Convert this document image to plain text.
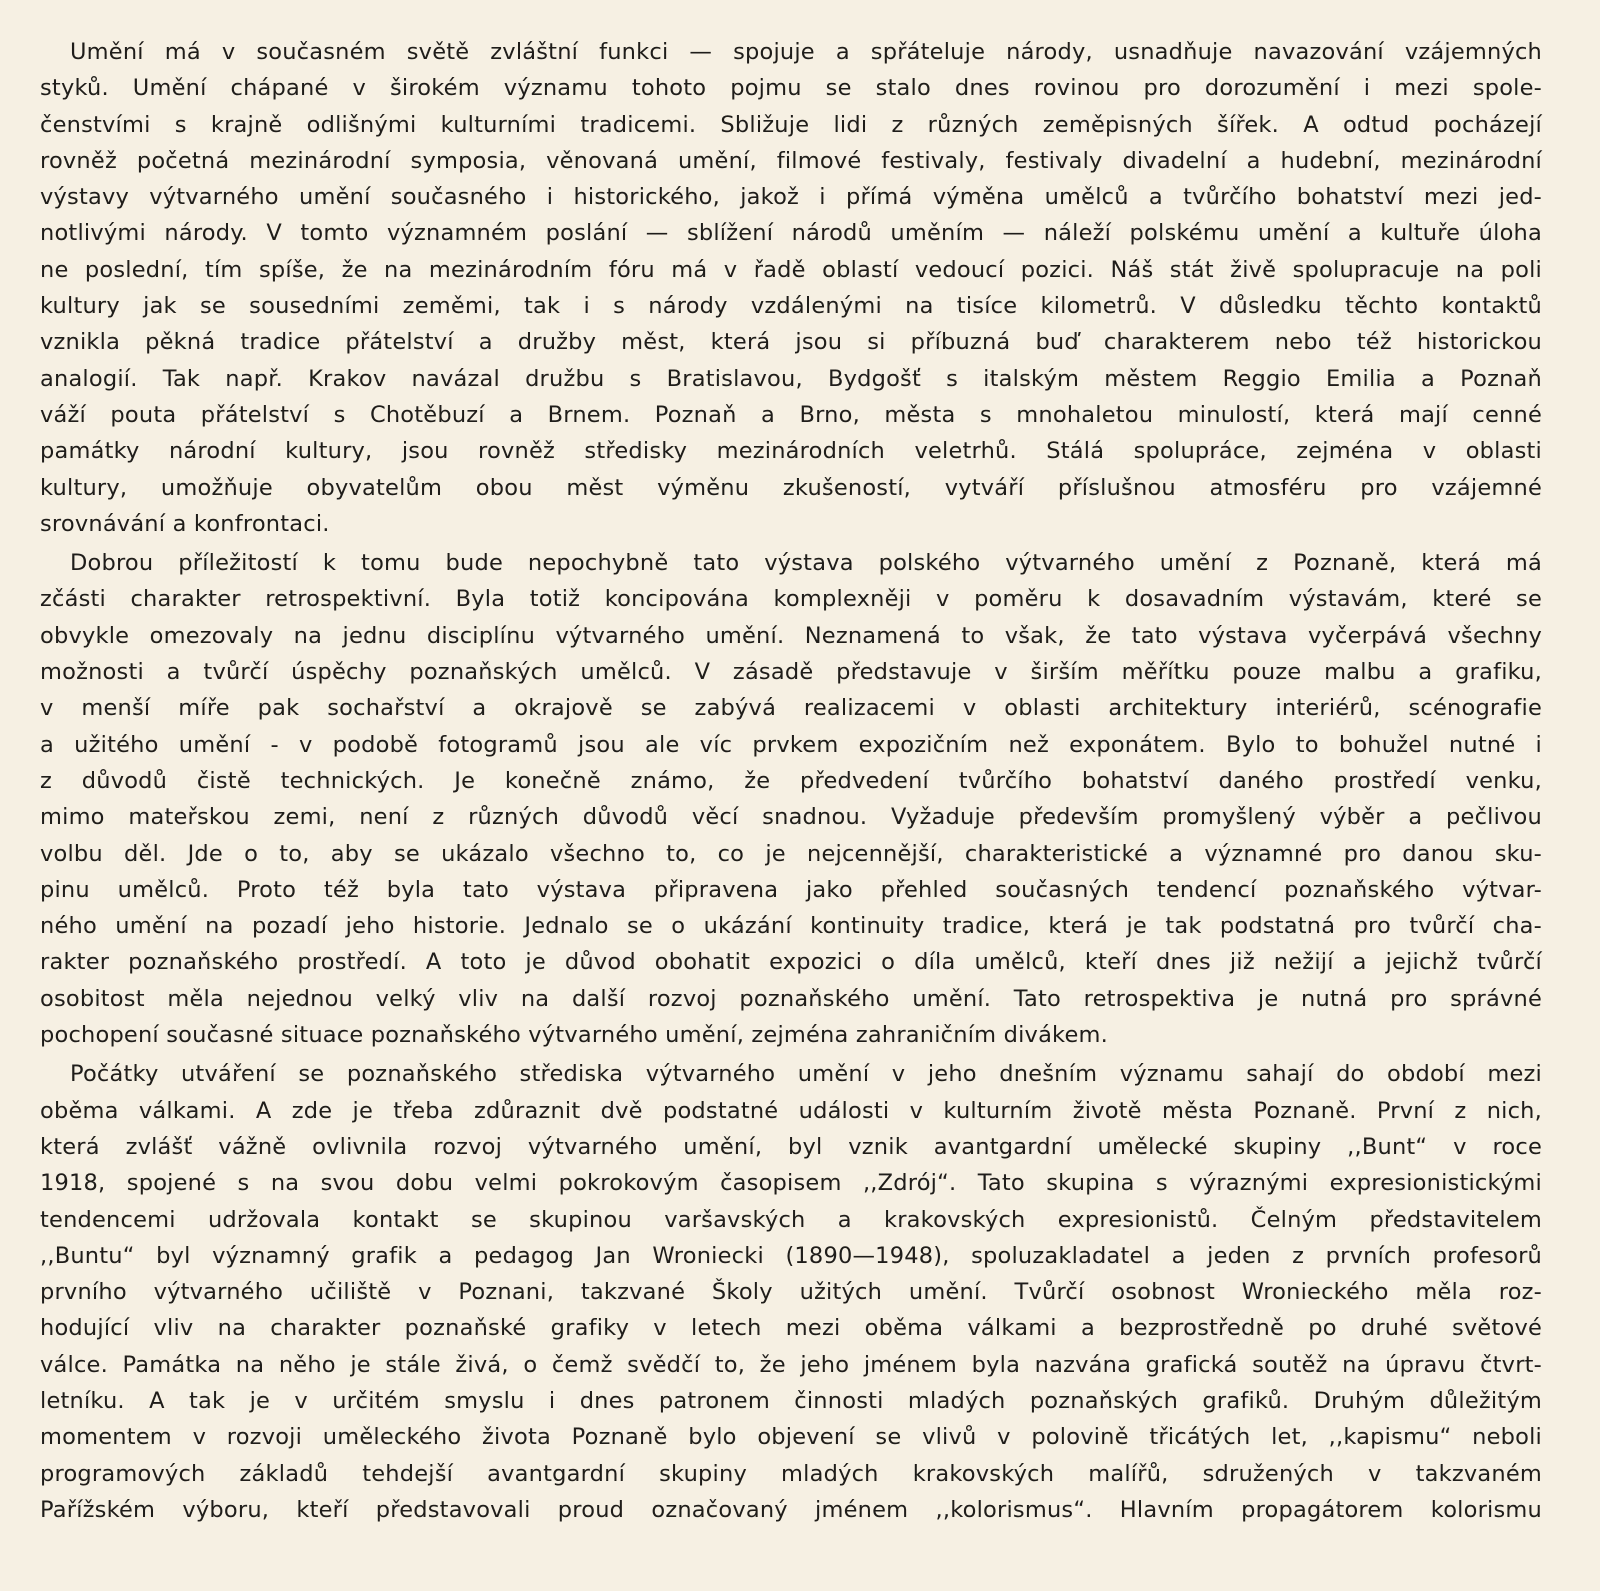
Umění má v současném světě zvláštní funkci — spojuje a spřáteluje národy, usnadňuje navazování vzájemných
styků. Umění chápané v širokém významu tohoto pojmu se stalo dnes rovinou pro dorozumění i mezi spole-
čenstvími s krajně odlišnými kulturními tradicemi. Sbližuje lidi z různých zeměpisných šířek. A odtud pocházejí
rovněž početná mezinárodní symposia, věnovaná umění, filmové festivaly, festivaly divadelní a hudební, mezinárodní
výstavy výtvarného umění současného i historického, jakož i přímá výměna umělců a tvůrčího bohatství mezi jed-
notlivými národy. V tomto významném poslání — sblížení národů uměním — náleží polskému umění a kultuře úloha
ne poslední, tím spíše, že na mezinárodním fóru má v řadě oblastí vedoucí pozici. Náš stát živě spolupracuje na poli
kultury jak se sousedními zeměmi, tak i s národy vzdálenými na tisíce kilometrů. V důsledku těchto kontaktů
vznikla pěkná tradice přátelství a družby měst, která jsou si příbuzná buď charakterem nebo též historickou
analogií. Tak např. Krakov navázal družbu s Bratislavou, Bydgošť s italským městem Reggio Emilia a Poznaň
váží pouta přátelství s Chotěbuzí a Brnem. Poznaň a Brno, města s mnohaletou minulostí, která mají cenné
památky národní kultury, jsou rovněž středisky mezinárodních veletrhů. Stálá spolupráce, zejména v oblasti
kultury, umožňuje obyvatelům obou měst výměnu zkušeností, vytváří příslušnou atmosféru pro vzájemné
srovnávání a konfrontaci.

Dobrou příležitostí k tomu bude nepochybně tato výstava polského výtvarného umění z Poznaně, která má
zčásti charakter retrospektivní. Byla totiž koncipována komplexněji v poměru k dosavadním výstavám, které se
obvykle omezovaly na jednu disciplínu výtvarného umění. Neznamená to však, že tato výstava vyčerpává všechny
možnosti a tvůrčí úspěchy poznaňských umělců. V zásadě představuje v širším měřítku pouze malbu a grafiku,
v menší míře pak sochařství a okrajově se zabývá realizacemi v oblasti architektury interiérů, scénografie
a užitého umění - v podobě fotogramů jsou ale víc prvkem expozičním než exponátem. Bylo to bohužel nutné i
z důvodů čistě technických. Je konečně známo, že předvedení tvůrčího bohatství daného prostředí venku,
mimo mateřskou zemi, není z různých důvodů věcí snadnou. Vyžaduje především promyšlený výběr a pečlivou
volbu děl. Jde o to, aby se ukázalo všechno to, co je nejcennější, charakteristické a významné pro danou sku-
pinu umělců. Proto též byla tato výstava připravena jako přehled současných tendencí poznaňského výtvar-
ného umění na pozadí jeho historie. Jednalo se o ukázání kontinuity tradice, která je tak podstatná pro tvůrčí cha-
rakter poznaňského prostředí. A toto je důvod obohatit expozici o díla umělců, kteří dnes již nežijí a jejichž tvůrčí
osobitost měla nejednou velký vliv na další rozvoj poznaňského umění. Tato retrospektiva je nutná pro správné
pochopení současné situace poznaňského výtvarného umění, zejména zahraničním divákem.

Počátky utváření se poznaňského střediska výtvarného umění v jeho dnešním významu sahají do období mezi
oběma válkami. A zde je třeba zdůraznit dvě podstatné události v kulturním životě města Poznaně. První z nich,
která zvlášť vážně ovlivnila rozvoj výtvarného umění, byl vznik avantgardní umělecké skupiny ,,Bunt“ v roce
1918, spojené s na svou dobu velmi pokrokovým časopisem ,,Zdrój“. Tato skupina s výraznými expresionistickými
tendencemi udržovala kontakt se skupinou varšavských a krakovských expresionistů. Čelným představitelem
,,Buntu“ byl významný grafik a pedagog Jan Wroniecki (1890—1948), spoluzakladatel a jeden z prvních profesorů
prvního výtvarného učiliště v Poznani, takzvané Školy užitých umění. Tvůrčí osobnost Wronieckého měla roz-
hodující vliv na charakter poznaňské grafiky v letech mezi oběma válkami a bezprostředně po druhé světové
válce. Památka na něho je stále živá, o čemž svědčí to, že jeho jménem byla nazvána grafická soutěž na úpravu čtvrt-
letníku. A tak je v určitém smyslu i dnes patronem činnosti mladých poznaňských grafiků. Druhým důležitým
momentem v rozvoji uměleckého života Poznaně bylo objevení se vlivů v polovině třicátých let, ,,kapismu“ neboli
programových základů tehdejší avantgardní skupiny mladých krakovských malířů, sdružených v takzvaném
Pařížském výboru, kteří představovali proud označovaný jménem ,,kolorismus“. Hlavním propagátorem kolorismu
